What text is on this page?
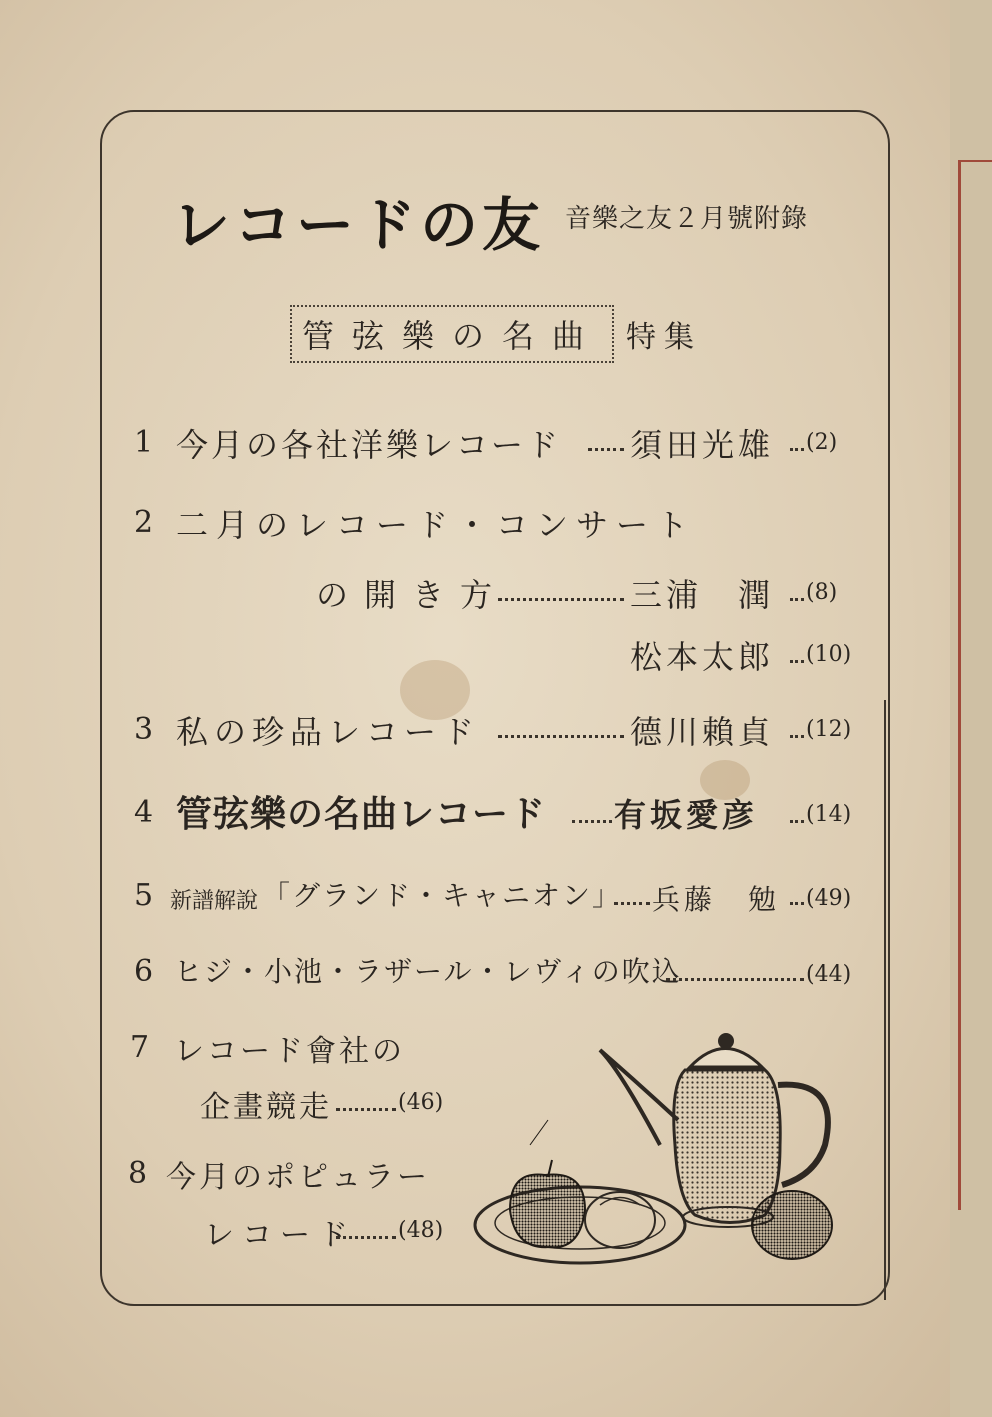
レコードの友 音樂之友２月號附錄
管弦樂の名曲 特集
1 今月の各社洋樂レコード 須田光雄 (2)
2 二月のレコード・コンサート
の開き方	三浦　潤 (8)
松本太郎 (10)
3 私の珍品レコード	德川賴貞 (12)
4 管弦樂の名曲レコード 有坂愛彦 (14)
5 新譜解說 「グランド・キャニオン」 兵藤　勉 (49)
6 ヒジ・小池・ラザール・レヴィの吹込	(44)
7 レコード會社の
企畫競走	(46)
8 今月のポピュラー
レコード (48)
